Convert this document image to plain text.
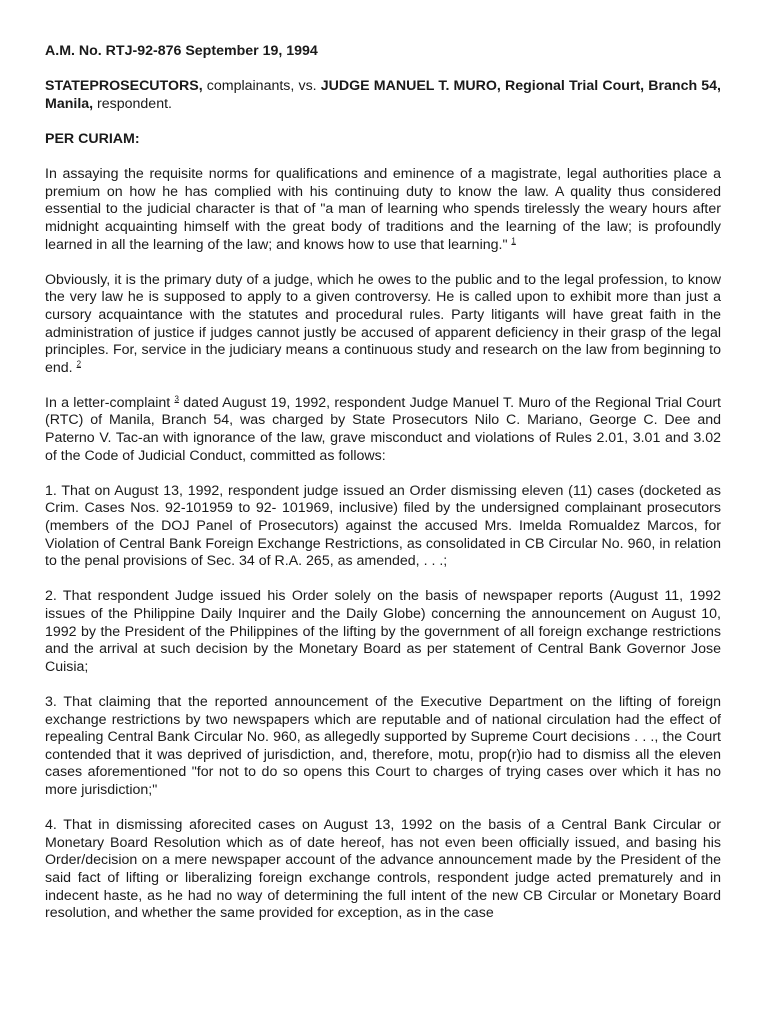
A.M. No. RTJ-92-876 September 19, 1994

STATEPROSECUTORS, complainants, vs. JUDGE MANUEL T. MURO, Regional Trial Court, Branch 54, Manila, respondent.

PER CURIAM:

In assaying the requisite norms for qualifications and eminence of a magistrate, legal authorities place a premium on how he has complied with his continuing duty to know the law. A quality thus considered essential to the judicial character is that of "a man of learning who spends tirelessly the weary hours after midnight acquainting himself with the great body of traditions and the learning of the law; is profoundly learned in all the learning of the law; and knows how to use that learning." $^1$

Obviously, it is the primary duty of a judge, which he owes to the public and to the legal profession, to know the very law he is supposed to apply to a given controversy. He is called upon to exhibit more than just a cursory acquaintance with the statutes and procedural rules. Party litigants will have great faith in the administration of justice if judges cannot justly be accused of apparent deficiency in their grasp of the legal principles. For, service in the judiciary means a continuous study and research on the law from beginning to end. $^2$

In a letter-complaint $^3$ dated August 19, 1992, respondent Judge Manuel T. Muro of the Regional Trial Court (RTC) of Manila, Branch 54, was charged by State Prosecutors Nilo C. Mariano, George C. Dee and Paterno V. Tac-an with ignorance of the law, grave misconduct and violations of Rules 2.01, 3.01 and 3.02 of the Code of Judicial Conduct, committed as follows:

1. That on August 13, 1992, respondent judge issued an Order dismissing eleven (11) cases (docketed as Crim. Cases Nos. 92-101959 to 92- 101969, inclusive) filed by the undersigned complainant prosecutors (members of the DOJ Panel of Prosecutors) against the accused Mrs. Imelda Romualdez Marcos, for Violation of Central Bank Foreign Exchange Restrictions, as consolidated in CB Circular No. 960, in relation to the penal provisions of Sec. 34 of R.A. 265, as amended, . . .;

2. That respondent Judge issued his Order solely on the basis of newspaper reports (August 11, 1992 issues of the Philippine Daily Inquirer and the Daily Globe) concerning the announcement on August 10, 1992 by the President of the Philippines of the lifting by the government of all foreign exchange restrictions and the arrival at such decision by the Monetary Board as per statement of Central Bank Governor Jose Cuisia;

3. That claiming that the reported announcement of the Executive Department on the lifting of foreign exchange restrictions by two newspapers which are reputable and of national circulation had the effect of repealing Central Bank Circular No. 960, as allegedly supported by Supreme Court decisions . . ., the Court contended that it was deprived of jurisdiction, and, therefore, motu, prop(r)io had to dismiss all the eleven cases aforementioned "for not to do so opens this Court to charges of trying cases over which it has no more jurisdiction;"

4. That in dismissing aforecited cases on August 13, 1992 on the basis of a Central Bank Circular or Monetary Board Resolution which as of date hereof, has not even been officially issued, and basing his Order/decision on a mere newspaper account of the advance announcement made by the President of the said fact of lifting or liberalizing foreign exchange controls, respondent judge acted prematurely and in indecent haste, as he had no way of determining the full intent of the new CB Circular or Monetary Board resolution, and whether the same provided for exception, as in the case
